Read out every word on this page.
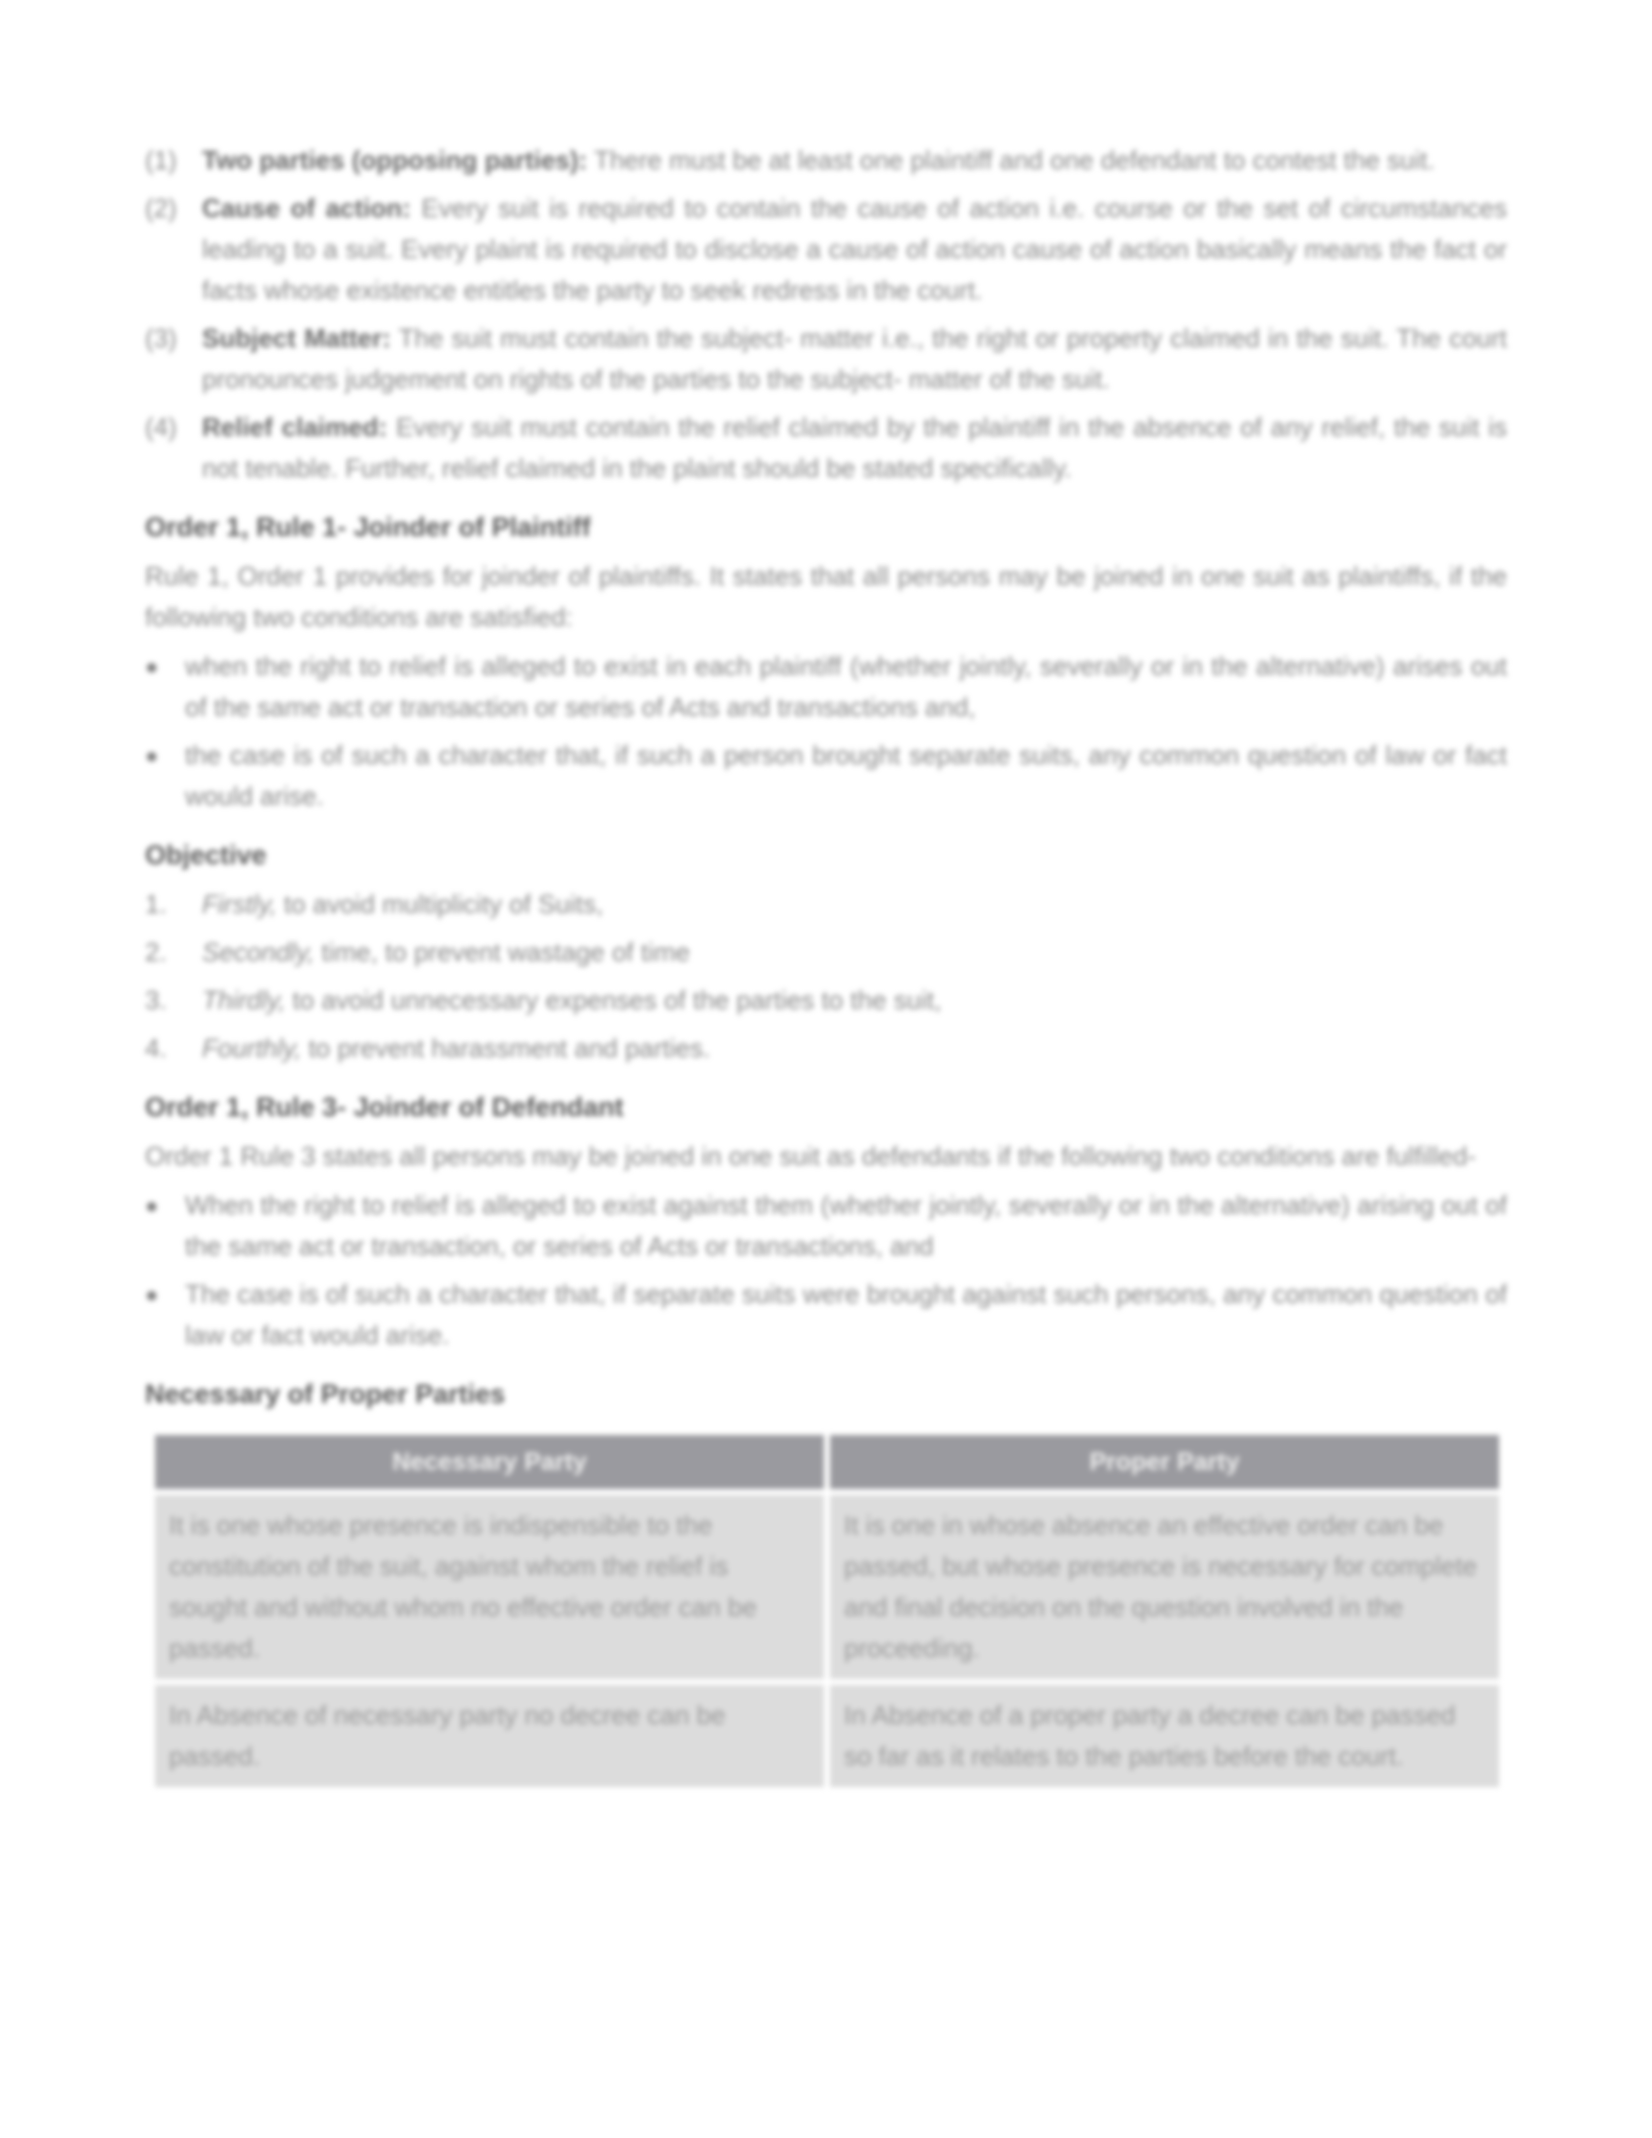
(1) Two parties (opposing parties): There must be at least one plaintiff and one defendant to contest the suit.
(2) Cause of action: Every suit is required to contain the cause of action i.e. course or the set of circumstances leading to a suit. Every plaint is required to disclose a cause of action cause of action basically means the fact or facts whose existence entitles the party to seek redress in the court.
(3) Subject Matter: The suit must contain the subject- matter i.e., the right or property claimed in the suit. The court pronounces judgement on rights of the parties to the subject- matter of the suit.
(4) Relief claimed: Every suit must contain the relief claimed by the plaintiff in the absence of any relief, the suit is not tenable. Further, relief claimed in the plaint should be stated specifically.
Order 1, Rule 1- Joinder of Plaintiff

Rule 1, Order 1 provides for joinder of plaintiffs. It states that all persons may be joined in one suit as plaintiffs, if the following two conditions are satisfied:

●	when the right to relief is alleged to exist in each plaintiff (whether jointly, severally or in the alternative) arises out of the same act or transaction or series of Acts and transactions and,
●	the case is of such a character that, if such a person brought separate suits, any common question of law or fact would arise.
Objective
1.	Firstly, to avoid multiplicity of Suits,
2.	Secondly, time, to prevent wastage of time
3.	Thirdly, to avoid unnecessary expenses of the parties to the suit,
4.	Fourthly, to prevent harassment and parties.
Order 1, Rule 3- Joinder of Defendant

Order 1 Rule 3 states all persons may be joined in one suit as defendants if the following two conditions are fulfilled-

●	When the right to relief is alleged to exist against them (whether jointly, severally or in the alternative) arising out of the same act or transaction, or series of Acts or transactions, and
●	The case is of such a character that, if separate suits were brought against such persons, any common question of law or fact would arise.
Necessary of Proper Parties
Necessary Party	Proper Party
It is one whose presence is indispensible to the constitution of the suit, against whom the relief is sought and without whom no effective order can be passed.	It is one in whose absence an effective order can be passed, but whose presence is necessary for complete and final decision on the question involved in the proceeding.
In Absence of necessary party no decree can be passed.	In Absence of a proper party a decree can be passed so far as it relates to the parties before the court.
